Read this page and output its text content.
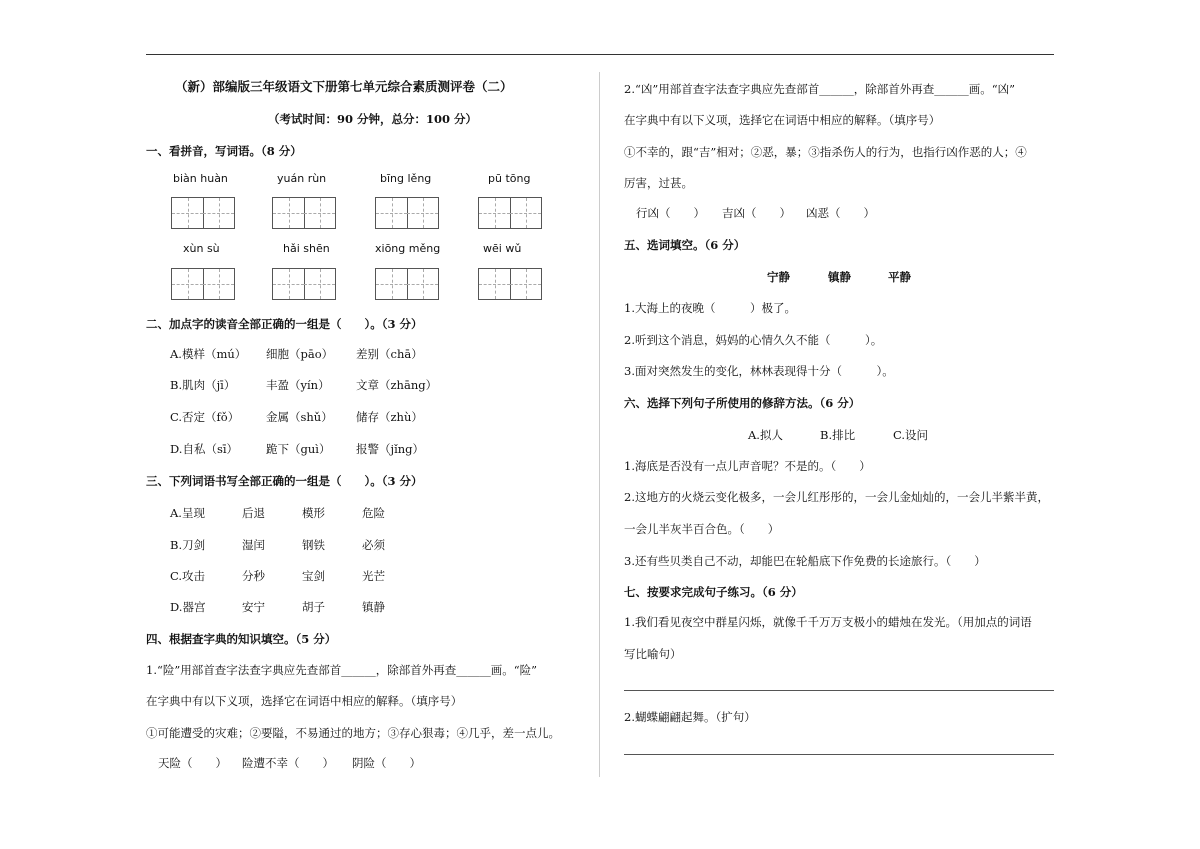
（新）部编版三年级语文下册第七单元综合素质测评卷（二）
（考试时间：90 分钟，总分：100 分）
一、看拼音，写词语。（8 分）
biàn huàn	yuán rùn	bīng lěng	pū tōng
xùn sù	hǎi shēn	xiōng měng	wēi wǔ
二、加点字的读音全部正确的一组是（　　）。（3 分）
A.模样（mú） 细胞（pāo） 差别（chā）
B.肌肉（jī）	丰盈（yín） 文章（zhāng）
C.否定（fǒ） 金属（shǔ） 储存（zhù）
D.自私（sī） 跪下（guì） 报警（jǐng）
三、下列词语书写全部正确的一组是（　　）。（3 分）
A.呈现	后退	模形	危险
B.刀剑	湿闰	钢铁	必须
C.攻击	分秒	宝剑	光芒
D.器宫	安宁	胡子	镇静
四、根据查字典的知识填空。（5 分）
1.“险”用部首查字法查字典应先查部首______，除部首外再查______画。“险”
在字典中有以下义项，选择它在词语中相应的解释。（填序号）
①可能遭受的灾难；②要隘，不易通过的地方；③存心狠毒；④几乎，差一点儿。
天险（　　） 险遭不幸（　　） 阴险（　　）
2.“凶”用部首查字法查字典应先查部首______，除部首外再查______画。“凶”
在字典中有以下义项，选择它在词语中相应的解释。（填序号）
①不幸的，跟“吉”相对；②恶，暴；③指杀伤人的行为，也指行凶作恶的人；④
厉害，过甚。
行凶（　　） 吉凶（　　） 凶恶（　　）
五、选词填空。（6 分）
宁静	镇静	平静
1.大海上的夜晚（　　　）极了。
2.听到这个消息，妈妈的心情久久不能（　　　）。
3.面对突然发生的变化，林林表现得十分（　　　）。
六、选择下列句子所使用的修辞方法。（6 分）
A.拟人	B.排比	C.设问
1.海底是否没有一点儿声音呢？不是的。（　　）
2.这地方的火烧云变化极多，一会儿红彤彤的，一会儿金灿灿的，一会儿半紫半黄，
一会儿半灰半百合色。（　　）
3.还有些贝类自己不动，却能巴在轮船底下作免费的长途旅行。（　　）
七、按要求完成句子练习。（6 分）
1.我们看见夜空中群星闪烁，就像千千万万支极小的蜡烛在发光。（用加点的词语
写比喻句）
2.蝴蝶翩翩起舞。（扩句）
